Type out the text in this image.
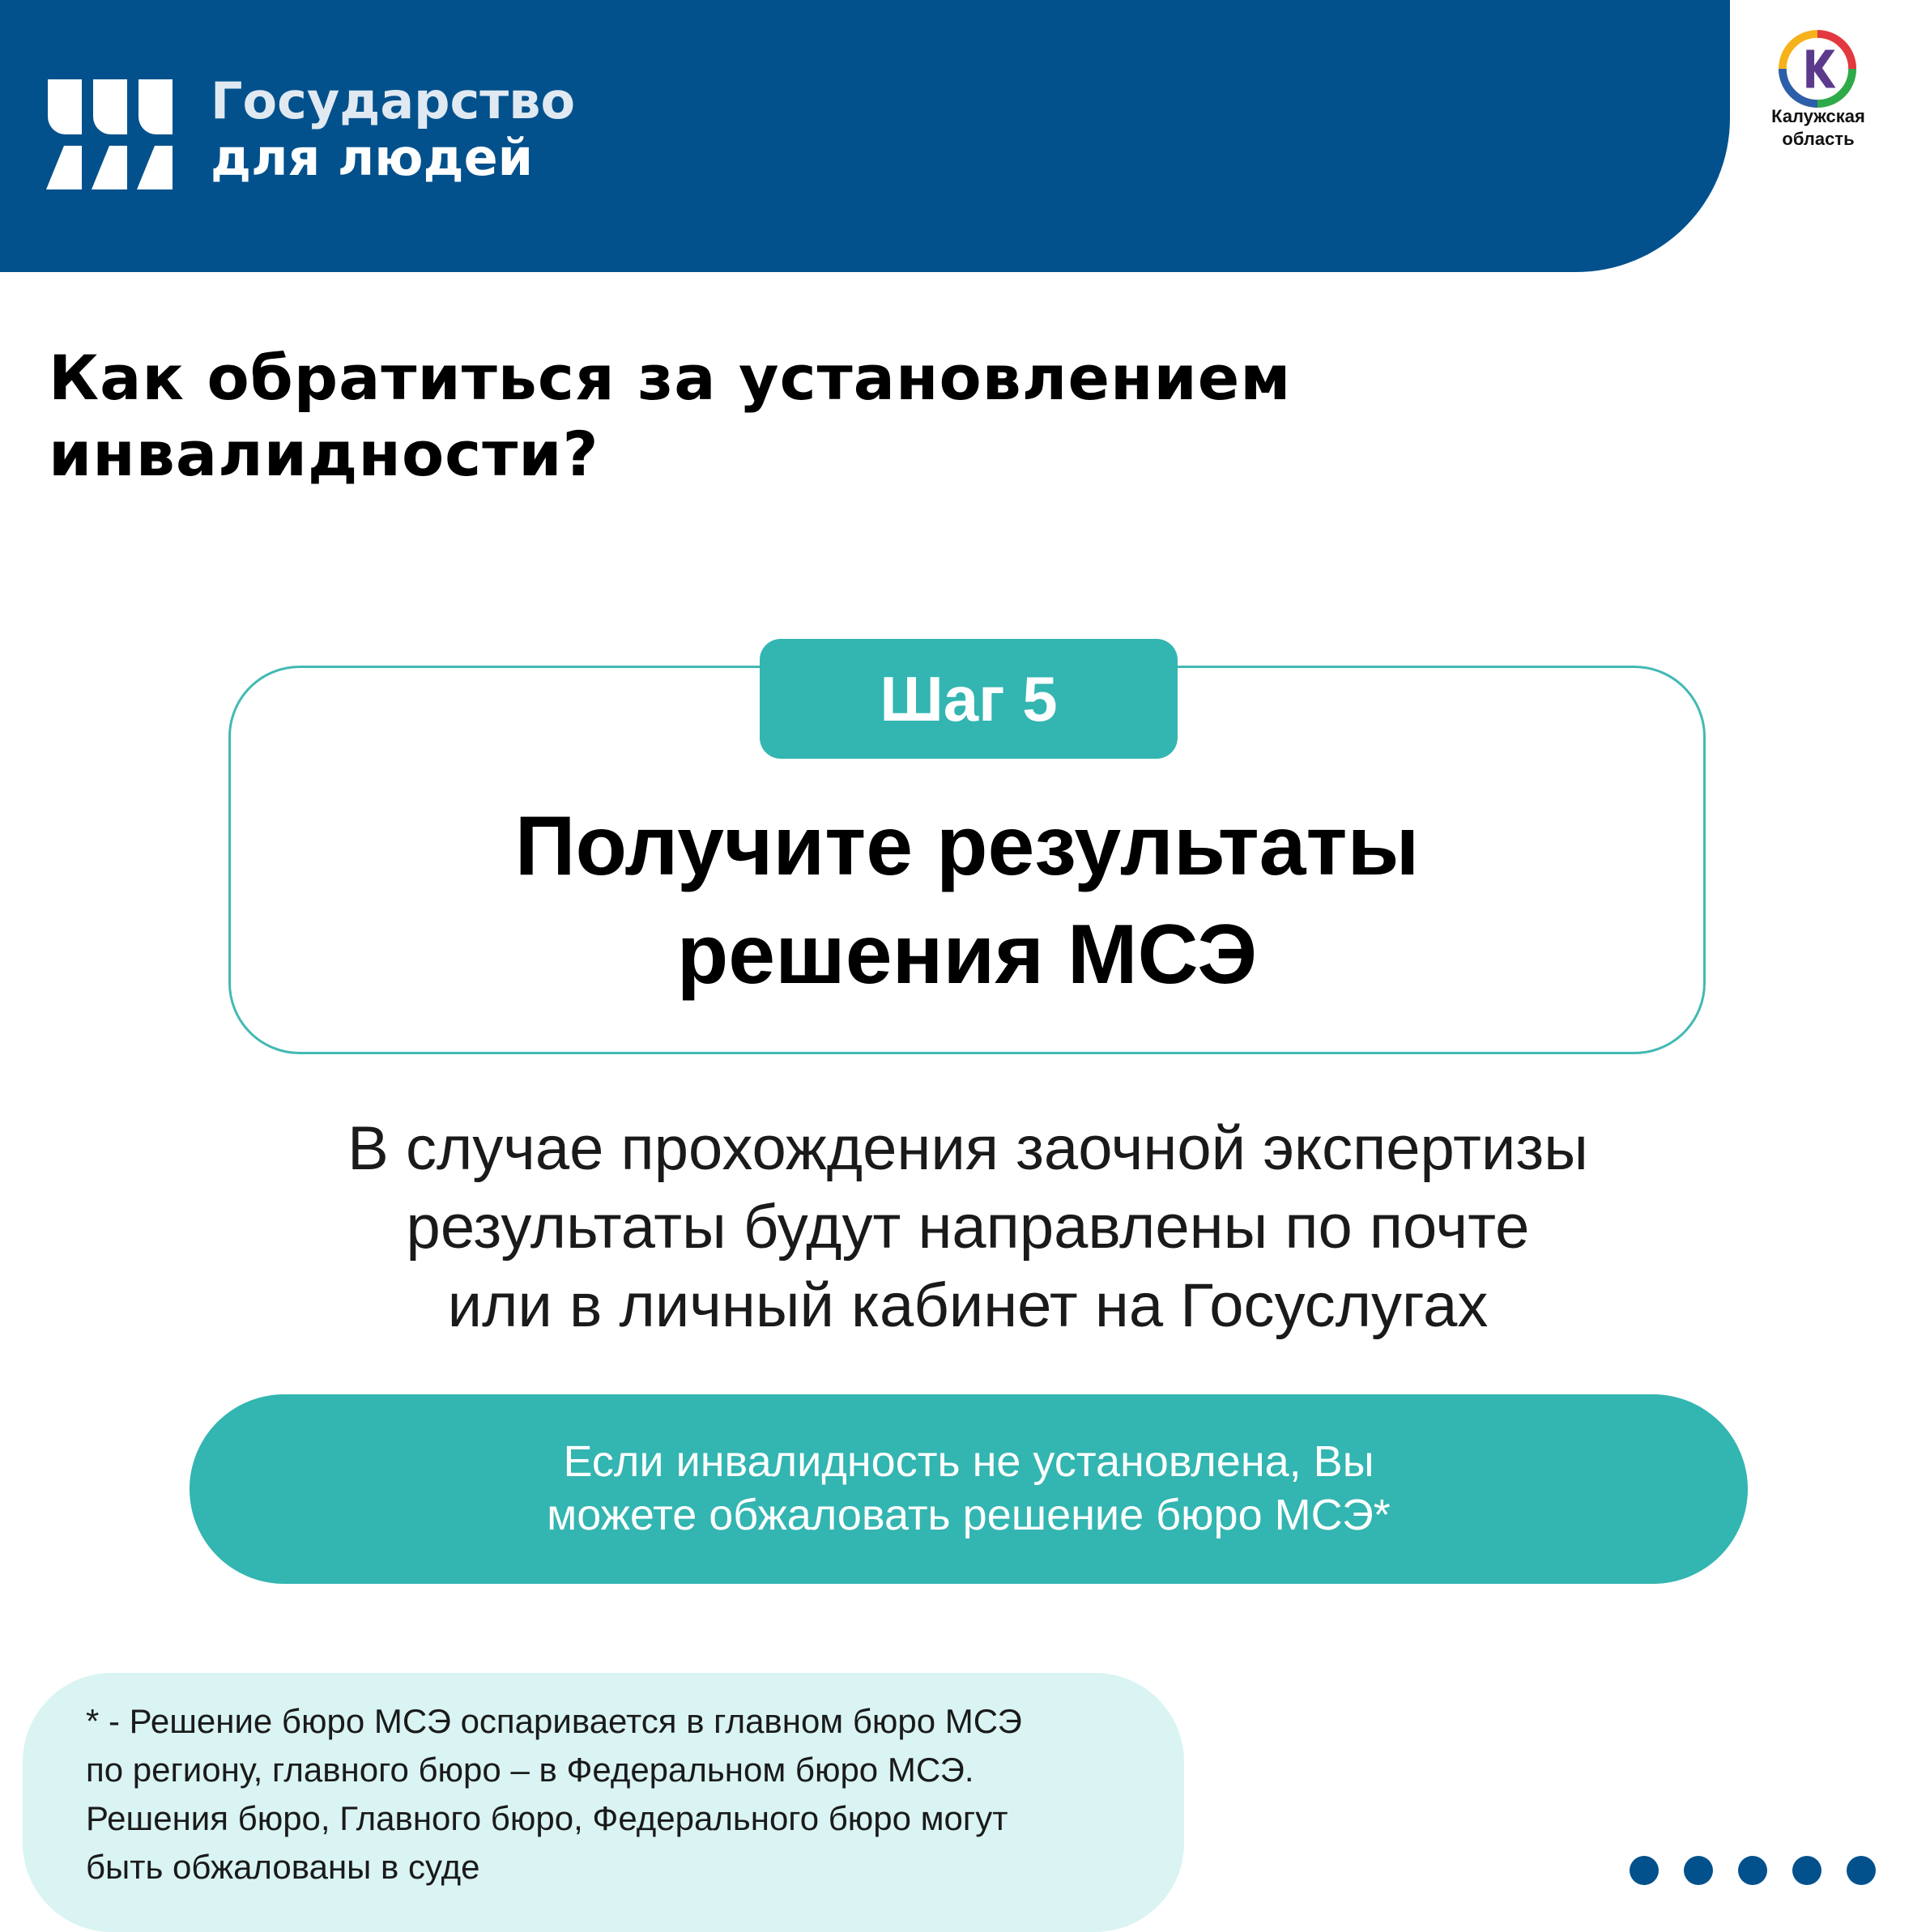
Государство
для людей
Калужская
область
Как обратиться за установлением
инвалидности?
Шаг 5
Получите результаты
решения МСЭ
В случае прохождения заочной экспертизы
результаты будут направлены по почте
или в личный кабинет на Госуслугах
Если инвалидность не установлена, Вы
можете обжаловать решение бюро МСЭ*
* - Решение бюро МСЭ оспаривается в главном бюро МСЭ
по региону, главного бюро – в Федеральном бюро МСЭ.
Решения бюро, Главного бюро, Федерального бюро могут
быть обжалованы в суде
